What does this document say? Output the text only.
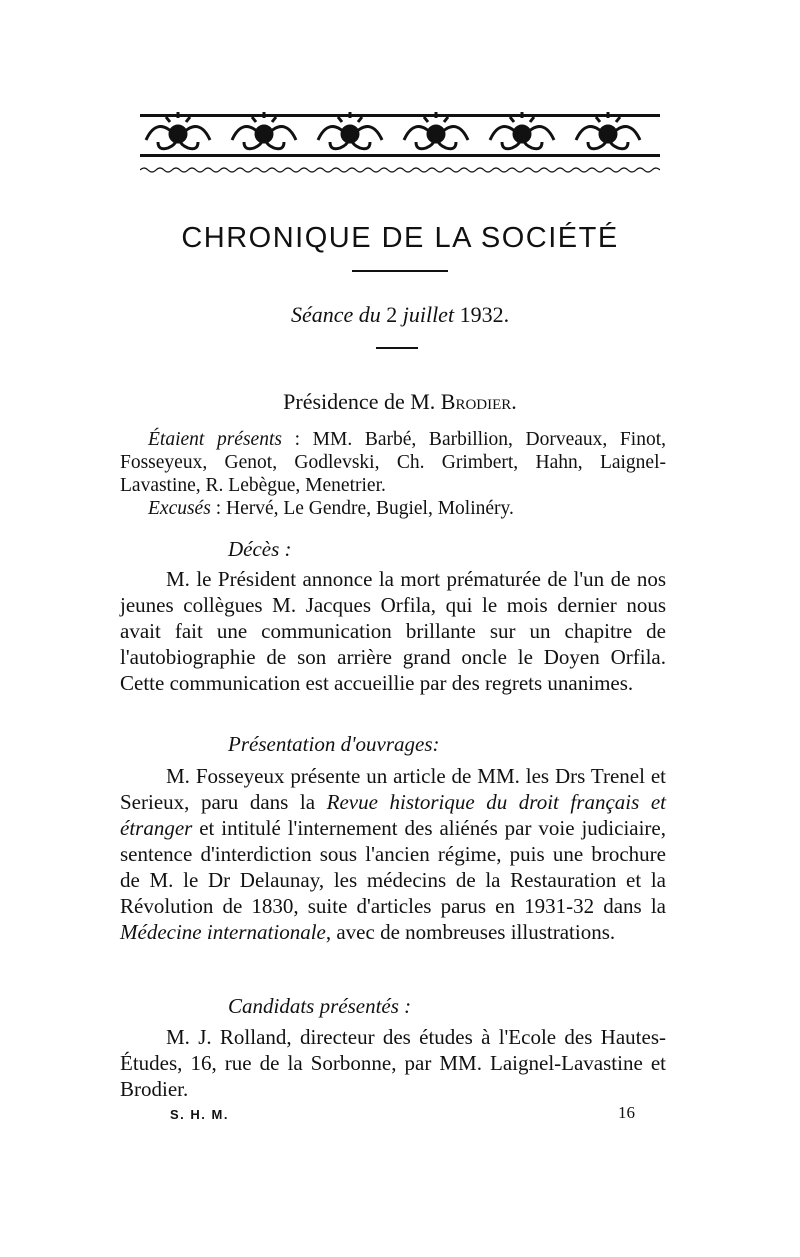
CHRONIQUE DE LA SOCIÉTÉ
Séance du 2 juillet 1932.
Présidence de M. Brodier.

Étaient présents : MM. Barbé, Barbillion, Dorveaux, Finot, Fosseyeux, Genot, Godlevski, Ch. Grimbert, Hahn, Laignel-Lavastine, R. Lebègue, Menetrier.

Excusés : Hervé, Le Gendre, Bugiel, Molinéry.

Décès :

M. le Président annonce la mort prématurée de l'un de nos jeunes collègues M. Jacques Orfila, qui le mois dernier nous avait fait une communication brillante sur un chapitre de l'autobiographie de son arrière grand oncle le Doyen Orfila. Cette communication est accueillie par des regrets unanimes.

Présentation d'ouvrages:

M. Fosseyeux présente un article de MM. les Drs Trenel et Serieux, paru dans la Revue historique du droit français et étranger et intitulé l'internement des aliénés par voie judiciaire, sentence d'interdiction sous l'ancien régime, puis une brochure de M. le Dr Delaunay, les médecins de la Restauration et la Révolution de 1830, suite d'articles parus en 1931-32 dans la Médecine internationale, avec de nombreuses illustrations.

Candidats présentés :

M. J. Rolland, directeur des études à l'Ecole des Hautes-Études, 16, rue de la Sorbonne, par MM. Laignel-Lavastine et Brodier.

S. H. M.	16
